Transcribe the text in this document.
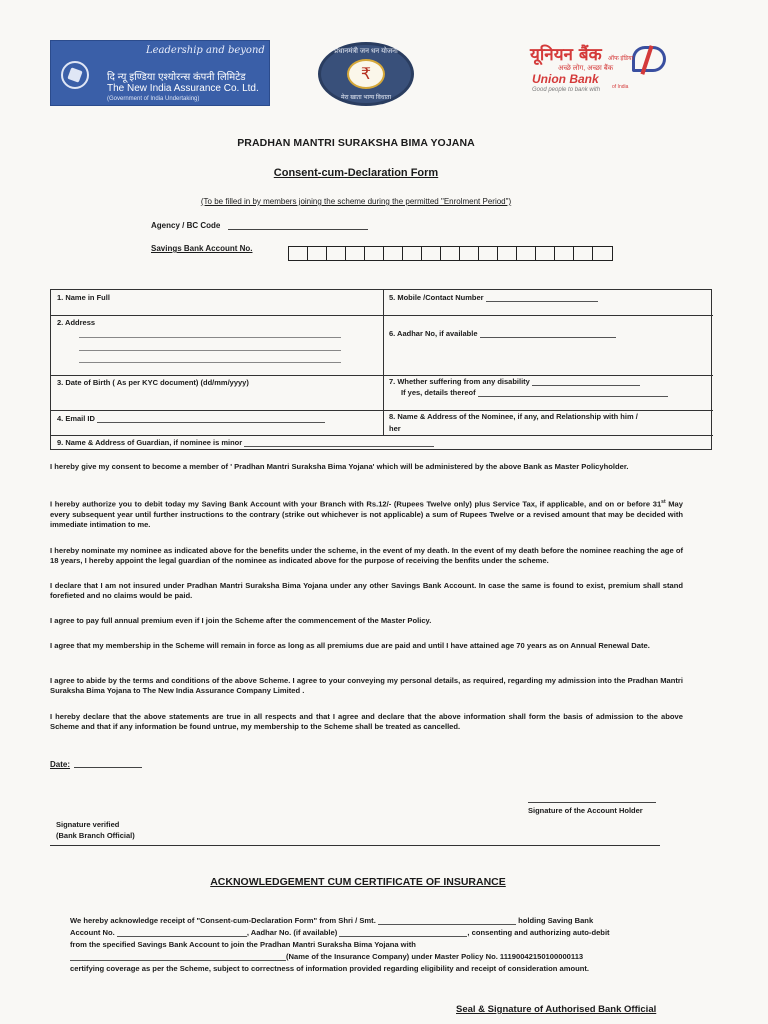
Leadership and beyond
दि न्यू इण्डिया एश्योरन्स कंपनी लिमिटेड
The New India Assurance Co. Ltd.
(Government of India Undertaking)
प्रधानमंत्री जन धन योजना
₹
मेरा खाता भाग्य विधाता
यूनियन बैंक
अच्छे लोग, अच्छा बैंक
Union Bank
Good people to bank with
ऑफ इंडिया
of India
PRADHAN MANTRI SURAKSHA BIMA YOJANA
Consent-cum-Declaration Form
(To be filled in by members joining the scheme during the permitted "Enrolment Period")
Agency / BC Code
Savings Bank Account No.
1. Name in Full	5. Mobile /Contact Number
2. Address
6. Aadhar No, if available
3. Date of Birth ( As per KYC document) (dd/mm/yyyy)	7. Whether suffering from any disability
If yes, details thereof
4. Email ID	8. Name & Address of the Nominee, if any, and Relationship with him /
her
9. Name & Address of Guardian, if nominee is minor
I hereby give my consent to become a member of ' Pradhan Mantri Suraksha Bima Yojana' which will be administered by the above Bank as Master Policyholder.
I hereby authorize you to debit today my Saving Bank Account with your Branch with Rs.12/- (Rupees Twelve only) plus Service Tax, if applicable, and on or before 31st May every subsequent year until further instructions to the contrary (strike out whichever is not applicable) a sum of Rupees Twelve or a revised amount that may be decided with immediate intimation to me.
I hereby nominate my nominee as indicated above for the benefits under the scheme, in the event of my death. In the event of my death before the nominee reaching the age of 18 years, I hereby appoint the legal guardian of the nominee as indicated above for the purpose of receiving the benfits under the scheme.
I declare that I am not insured under Pradhan Mantri Suraksha Bima Yojana under any other Savings Bank Account. In case the same is found to exist, premium shall stand forefieted and no claims would be paid.
I agree to pay full annual premium even if I join the Scheme after the commencement of the Master Policy.
I agree that my membership in the Scheme will remain in force as long as all premiums due are paid and until I have attained age 70 years as on Annual Renewal Date.
I agree to abide by the terms and conditions of the above Scheme. I agree to your conveying my personal details, as required, regarding my admission into the Pradhan Mantri Suraksha Bima Yojana to The New India Assurance Company Limited .
I hereby declare that the above statements are true in all respects and that I agree and declare that the above information shall form the basis of admission to the above Scheme and that if any information be found untrue, my membership to the Scheme shall be treated as cancelled.
Date:
Signature of the Account Holder
Signature verified
(Bank Branch Official)
ACKNOWLEDGEMENT CUM CERTIFICATE OF INSURANCE
We hereby acknowledge receipt of "Consent-cum-Declaration Form" from Shri / Smt.	holding Saving Bank
Account No.	, Aadhar No. (if available)	, consenting and authorizing auto-debit
from the specified Savings Bank Account to join the Pradhan Mantri Suraksha Bima Yojana with
(Name of the Insurance Company) under Master Policy No. 11190042150100000113
certifying coverage as per the Scheme, subject to correctness of information provided regarding eligibility and receipt of consideration amount.
Seal & Signature of Authorised Bank Official
